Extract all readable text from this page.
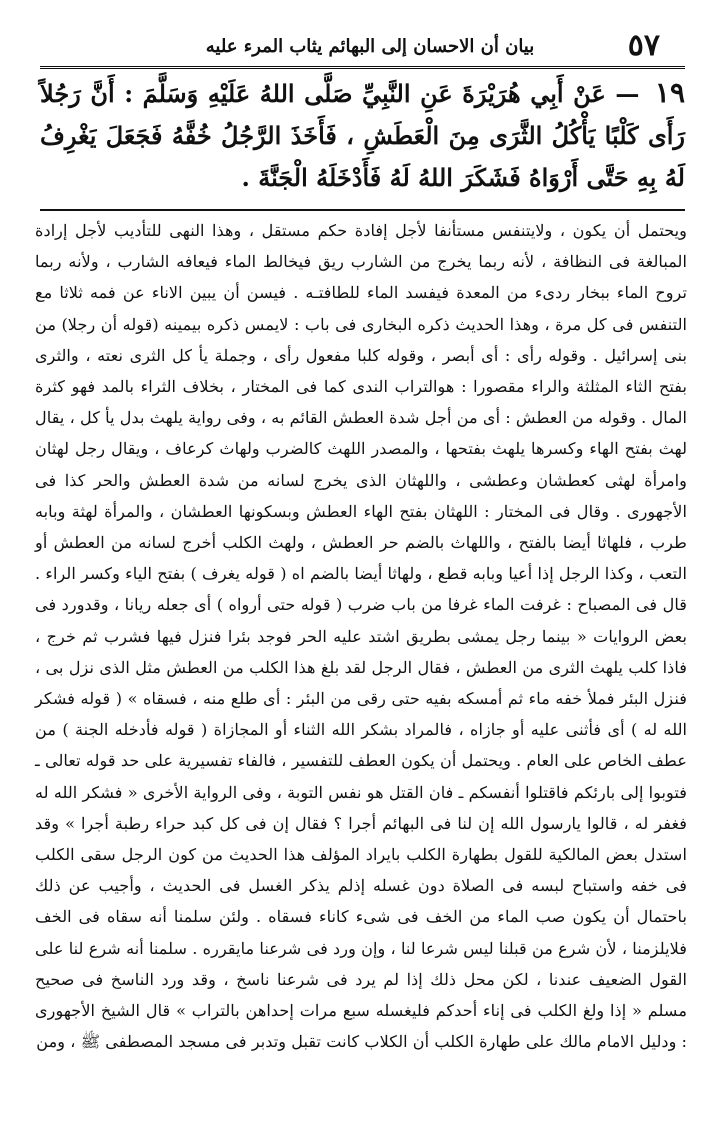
٥٧
بيان أن الاحسان إلى البهائم يثاب المرء عليه
١٩ — عَنْ أَبِي هُرَيْرَةَ عَنِ النَّبِيِّ صَلَّى اللهُ عَلَيْهِ وَسَلَّمَ : أَنَّ رَجُلاً رَأَى كَلْبًا يَأْكُلُ الثَّرَى مِنَ الْعَطَشِ ، فَأَخَذَ الرَّجُلُ خُفَّهُ فَجَعَلَ يَغْرِفُ لَهُ بِهِ حَتَّى أَرْوَاهُ فَشَكَرَ اللهُ لَهُ فَأَدْخَلَهُ الْجَنَّةَ .

ويحتمل أن يكون ، ولايتنفس مستأنفا لأجل إفادة حكم مستقل ، وهذا النهى للتأديب لأجل إرادة المبالغة فى النظافة ، لأنه ربما يخرج من الشارب ريق فيخالط الماء فيعافه الشارب ، ولأنه ربما تروح الماء ببخار ردىء من المعدة فيفسد الماء للطافتـه . فيسن أن يبين الاناء عن فمه ثلاثا مع التنفس فى كل مرة ، وهذا الحديث ذكره البخارى فى باب : لايمس ذكره بيمينه (قوله أن رجلا) من بنى إسرائيل . وقوله رأى : أى أبصر ، وقوله كلبا مفعول رأى ، وجملة يأ كل الثرى نعته ، والثرى بفتح الثاء المثلثة والراء مقصورا : هوالتراب الندى كما فى المختار ، بخلاف الثراء بالمد فهو كثرة المال . وقوله من العطش : أى من أجل شدة العطش القائم به ، وفى رواية يلهث بدل يأ كل ، يقال لهث بفتح الهاء وكسرها يلهث بفتحها ، والمصدر اللهث كالضرب ولهاث كرعاف ، ويقال رجل لهثان وامرأة لهثى كعطشان وعطشى ، واللهثان الذى يخرج لسانه من شدة العطش والحر كذا فى الأجهورى . وقال فى المختار : اللهثان بفتح الهاء العطش وبسكونها العطشان ، والمرأة لهثة وبابه طرب ، فلهاثا أيضا بالفتح ، واللهاث بالضم حر العطش ، ولهث الكلب أخرج لسانه من العطش أو التعب ، وكذا الرجل إذا أعيا وبابه قطع ، ولهاثا أيضا بالضم اه ( قوله يغرف ) بفتح الياء وكسر الراء . قال فى المصباح : غرفت الماء غرفا من باب ضرب ( قوله حتى أرواه ) أى جعله ريانا ، وقدورد فى بعض الروايات « بينما رجل يمشى بطريق اشتد عليه الحر فوجد بئرا فنزل فيها فشرب ثم خرج ، فاذا كلب يلهث الثرى من العطش ، فقال الرجل لقد بلغ هذا الكلب من العطش مثل الذى نزل بى ، فنزل البئر فملأ خفه ماء ثم أمسكه بفيه حتى رقى من البئر : أى طلع منه ، فسقاه » ( قوله فشكر الله له ) أى فأثنى عليه أو جازاه ، فالمراد بشكر الله الثناء أو المجازاة ( قوله فأدخله الجنة ) من عطف الخاص على العام . ويحتمل أن يكون العطف للتفسير ، فالفاء تفسيرية على حد قوله تعالى ـ فتوبوا إلى بارئكم فاقتلوا أنفسكم ـ فان القتل هو نفس التوبة ، وفى الرواية الأخرى « فشكر الله له فغفر له ، قالوا يارسول الله إن لنا فى البهائم أجرا ؟ فقال إن فى كل كبد حراء رطبة أجرا » وقد استدل بعض المالكية للقول بطهارة الكلب بايراد المؤلف هذا الحديث من كون الرجل سقى الكلب فى خفه واستباح لبسه فى الصلاة دون غسله إذلم يذكر الغسل فى الحديث ، وأجيب عن ذلك باحتمال أن يكون صب الماء من الخف فى شىء كاناء فسقاه . ولئن سلمنا أنه سقاه فى الخف فلايلزمنا ، لأن شرع من قبلنا ليس شرعا لنا ، وإن ورد فى شرعنا مايقرره . سلمنا أنه شرع لنا على القول الضعيف عندنا ، لكن محل ذلك إذا لم يرد فى شرعنا ناسخ ، وقد ورد الناسخ فى صحيح مسلم « إذا ولغ الكلب فى إناء أحدكم فليغسله سبع مرات إحداهن بالتراب » قال الشيخ الأجهورى : ودليل الامام مالك على طهارة الكلب أن الكلاب كانت تقبل وتدبر فى مسجد المصطفى ﷺ ، ومن
